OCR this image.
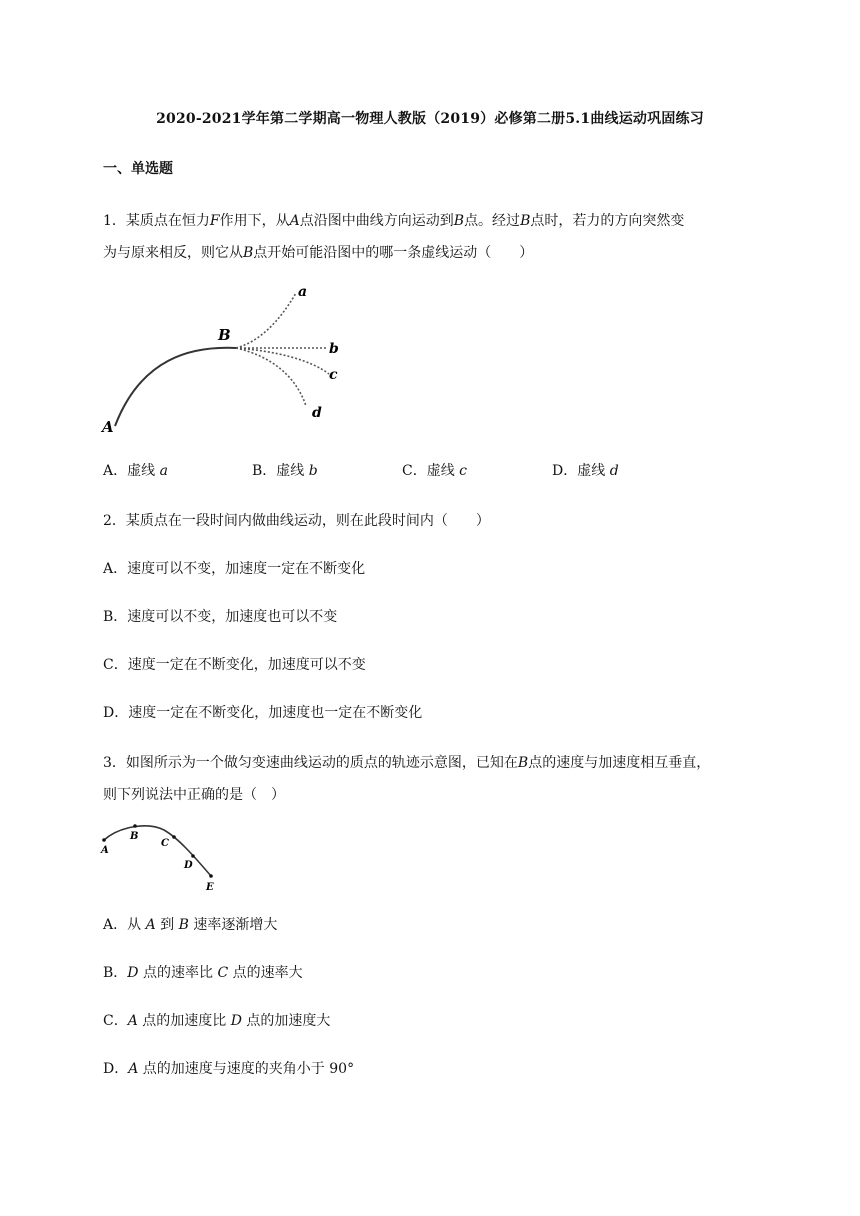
2020-2021学年第二学期高一物理人教版（2019）必修第二册5.1曲线运动巩固练习
一、单选题
1．某质点在恒力F作用下，从A点沿图中曲线方向运动到B点。经过B点时，若力的方向突然变
为与原来相反，则它从B点开始可能沿图中的哪一条虚线运动（　　）
A
B
a
b
c
d
A．虚线 a	B．虚线 b	C．虚线 c	D．虚线 d
2．某质点在一段时间内做曲线运动，则在此段时间内（　　）
A．速度可以不变，加速度一定在不断变化
B．速度可以不变，加速度也可以不变
C．速度一定在不断变化，加速度可以不变
D．速度一定在不断变化，加速度也一定在不断变化
3．如图所示为一个做匀变速曲线运动的质点的轨迹示意图，已知在B点的速度与加速度相互垂直，
则下列说法中正确的是（　）
A
B
C
D
E
A．从 A 到 B 速率逐渐增大
B．D 点的速率比 C 点的速率大
C．A 点的加速度比 D 点的加速度大
D．A 点的加速度与速度的夹角小于 90°
